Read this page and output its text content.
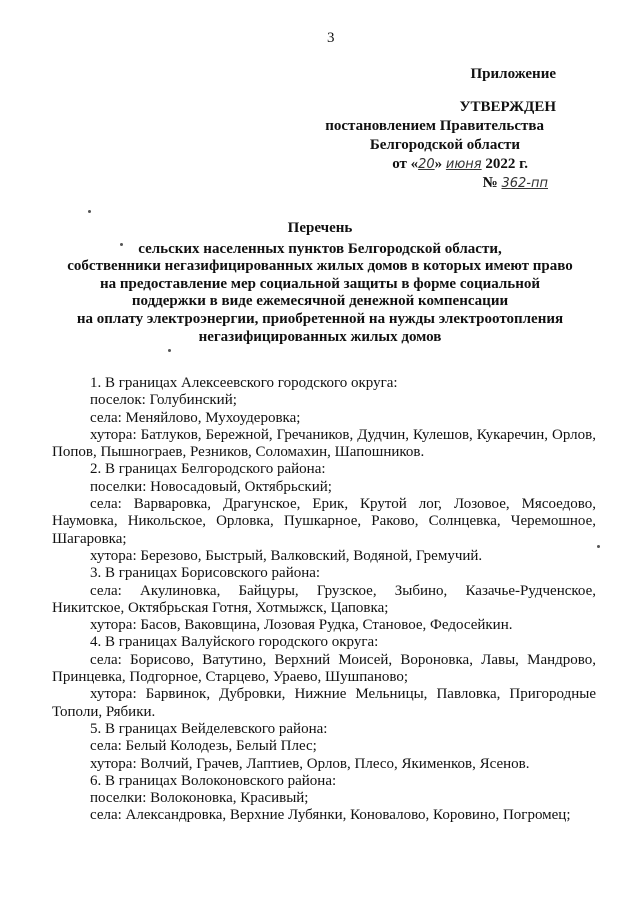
3
Приложение
УТВЕРЖДЕН
постановлением Правительства
Белгородской области
от «20» июня 2022 г.
№ 362-пп
Перечень
сельских населенных пунктов Белгородской области,
собственники негазифицированных жилых домов в которых имеют право
на предоставление мер социальной защиты в форме социальной
поддержки в виде ежемесячной денежной компенсации
на оплату электроэнергии, приобретенной на нужды электроотопления
негазифицированных жилых домов
1. В границах Алексеевского городского округа:
поселок: Голубинский;
села: Меняйлово, Мухоудеровка;
хутора: Батлуков, Бережной, Гречаников, Дудчин, Кулешов, Кукаречин, Орлов, Попов, Пышнограев, Резников, Соломахин, Шапошников.
2. В границах Белгородского района:
поселки: Новосадовый, Октябрьский;
села: Варваровка, Драгунское, Ерик, Крутой лог, Лозовое, Мясоедово, Наумовка, Никольское, Орловка, Пушкарное, Раково, Солнцевка, Черемошное, Шагаровка;
хутора: Березово, Быстрый, Валковский, Водяной, Гремучий.
3. В границах Борисовского района:
села: Акулиновка, Байцуры, Грузское, Зыбино, Казачье-Рудченское, Никитское, Октябрьская Готня, Хотмыжск, Цаповка;
хутора: Басов, Ваковщина, Лозовая Рудка, Становое, Федосейкин.
4. В границах Валуйского городского округа:
села: Борисово, Ватутино, Верхний Моисей, Вороновка, Лавы, Мандрово, Принцевка, Подгорное, Старцево, Ураево, Шушпаново;
хутора: Барвинок, Дубровки, Нижние Мельницы, Павловка, Пригородные Тополи, Рябики.
5. В границах Вейделевского района:
села: Белый Колодезь, Белый Плес;
хутора: Волчий, Грачев, Лаптиев, Орлов, Плесо, Якименков, Ясенов.
6. В границах Волоконовского района:
поселки: Волоконовка, Красивый;
села: Александровка, Верхние Лубянки, Коновалово, Коровино, Погромец;
